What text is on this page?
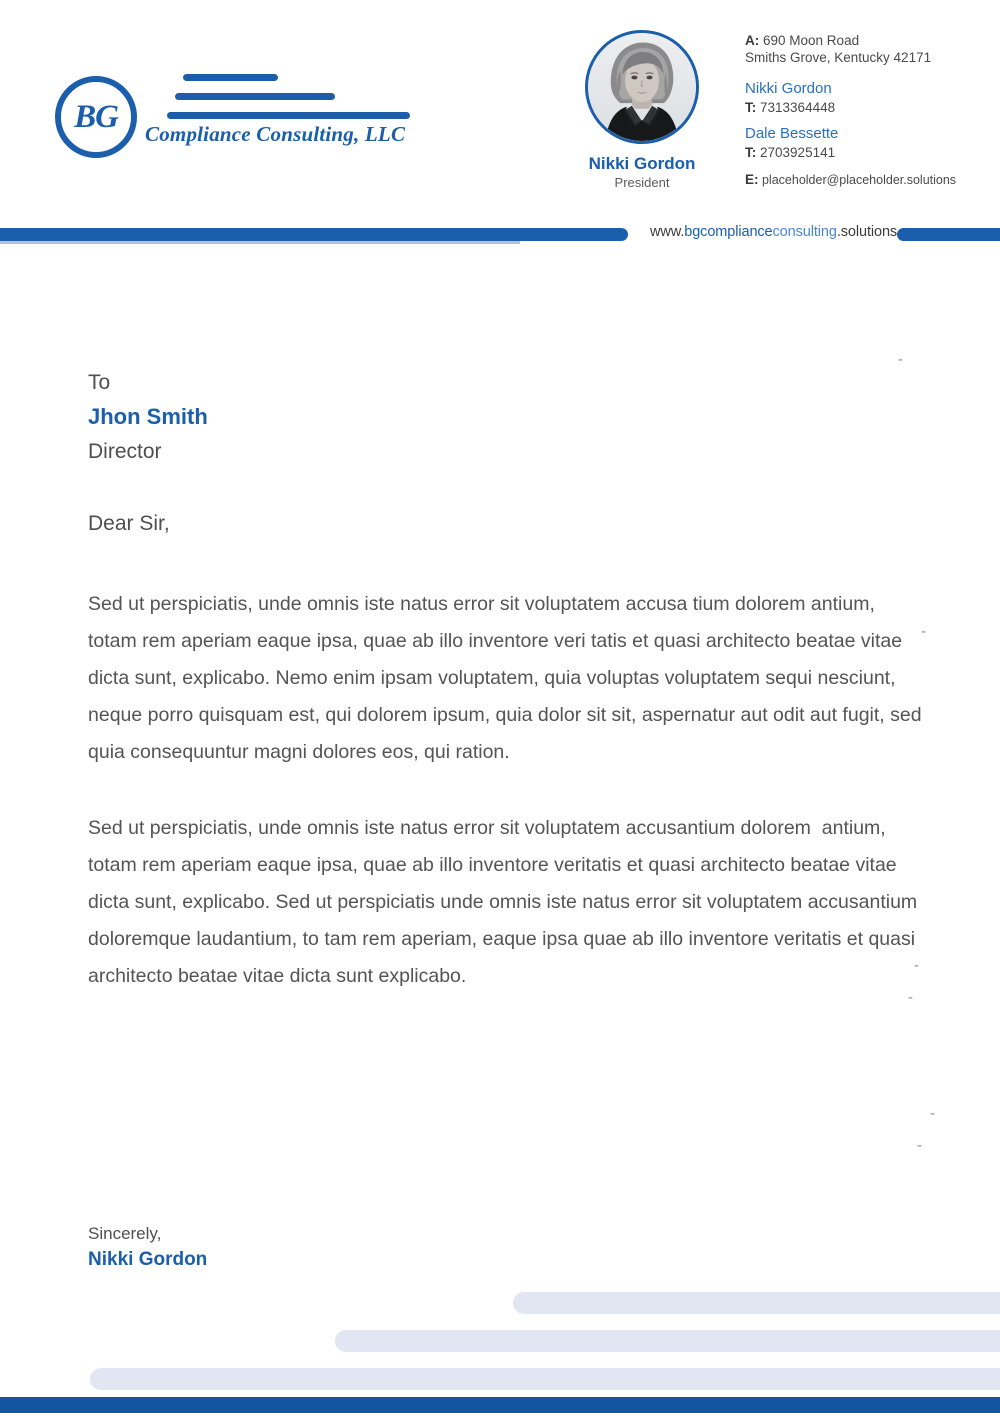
BG	Compliance Consulting, LLC
Nikki Gordon
President
A: 690 Moon Road
Smiths Grove, Kentucky 42171
Nikki Gordon
T: 7313364448
Dale Bessette
T: 2703925141
E: placeholder@placeholder.solutions
www.bgcomplianceconsulting.solutions
To
Jhon Smith
Director
Dear Sir,
Sed ut perspiciatis, unde omnis iste natus error sit voluptatem accusa tium dolorem antium, totam rem aperiam eaque ipsa, quae ab illo inventore veri tatis et quasi architecto beatae vitae dicta sunt, explicabo. Nemo enim ipsam voluptatem, quia voluptas voluptatem sequi nesciunt, neque porro quisquam est, qui dolorem ipsum, quia dolor sit sit, aspernatur aut odit aut fugit, sed quia consequuntur magni dolores eos, qui ration.
Sed ut perspiciatis, unde omnis iste natus error sit voluptatem accusantium dolorem  antium, totam rem aperiam eaque ipsa, quae ab illo inventore veritatis et quasi architecto beatae vitae dicta sunt, explicabo. Sed ut perspiciatis unde omnis iste natus error sit voluptatem accusantium doloremque laudantium, to tam rem aperiam, eaque ipsa quae ab illo inventore veritatis et quasi architecto beatae vitae dicta sunt explicabo.
Sincerely,
Nikki Gordon
-
-
-
-
-
-
